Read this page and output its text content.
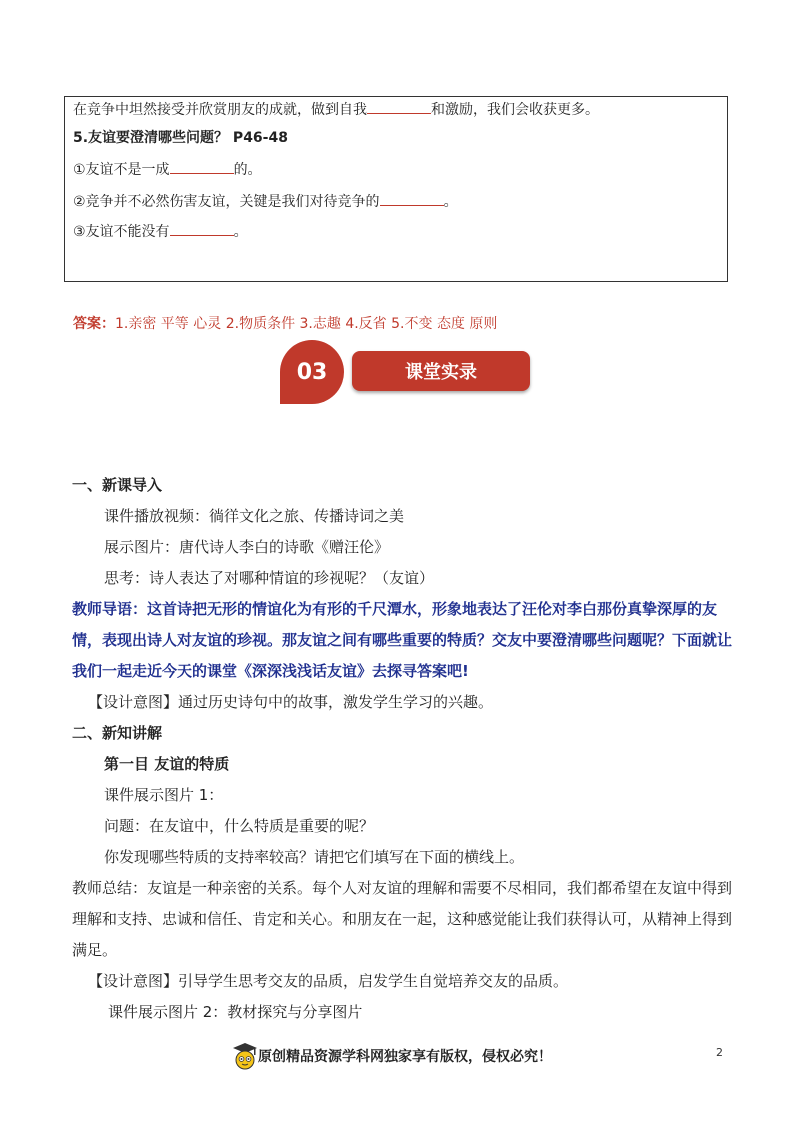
在竞争中坦然接受并欣赏朋友的成就，做到自我	和激励，我们会收获更多。
5.友谊要澄清哪些问题？ P46-48
①友谊不是一成	的。
②竞争并不必然伤害友谊，关键是我们对待竞争的	。
③友谊不能没有	。
答案：1.亲密 平等 心灵 2.物质条件 3.志趣 4.反省 5.不变 态度 原则
03	课堂实录
一、新课导入
课件播放视频：徜徉文化之旅、传播诗词之美
展示图片：唐代诗人李白的诗歌《赠汪伦》
思考：诗人表达了对哪种情谊的珍视呢？（友谊）
教师导语：这首诗把无形的情谊化为有形的千尺潭水，形象地表达了汪伦对李白那份真挚深厚的友情，表现出诗人对友谊的珍视。那友谊之间有哪些重要的特质？交友中要澄清哪些问题呢？下面就让我们一起走近今天的课堂《深深浅浅话友谊》去探寻答案吧!
【设计意图】通过历史诗句中的故事，激发学生学习的兴趣。
二、新知讲解
第一目 友谊的特质
课件展示图片 1：
问题：在友谊中，什么特质是重要的呢？
你发现哪些特质的支持率较高？请把它们填写在下面的横线上。
教师总结：友谊是一种亲密的关系。每个人对友谊的理解和需要不尽相同，我们都希望在友谊中得到理解和支持、忠诚和信任、肯定和关心。和朋友在一起，这种感觉能让我们获得认可，从精神上得到满足。
【设计意图】引导学生思考交友的品质，启发学生自觉培养交友的品质。
课件展示图片 2：教材探究与分享图片
原创精品资源学科网独家享有版权，侵权必究！	2
